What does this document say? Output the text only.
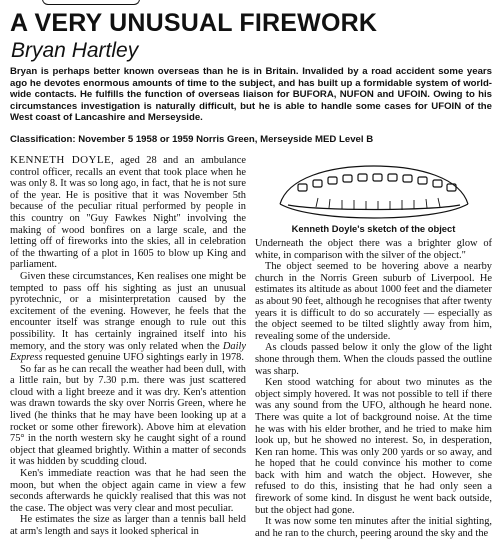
A VERY UNUSUAL FIREWORK
Bryan Hartley
Bryan is perhaps better known overseas than he is in Britain. Invalided by a road accident some years ago he devotes enormous amounts of time to the subject, and has built up a formidable system of world-wide contacts. He fulfills the function of overseas liaison for BUFORA, NUFON and UFOIN. Owing to his circumstances investigation is naturally difficult, but he is able to handle some cases for UFOIN of the West coast of Lancashire and Merseyside.
Classification: November 5 1958 or 1959 Norris Green, Merseyside MED Level B

KENNETH DOYLE, aged 28 and an ambulance control officer, recalls an event that took place when he was only 8. It was so long ago, in fact, that he is not sure of the year. He is positive that it was November 5th because of the peculiar ritual performed by people in this country on "Guy Fawkes Night" involving the making of wood bonfires on a large scale, and the letting off of fireworks into the skies, all in celebration of the thwarting of a plot in 1605 to blow up King and parliament.

Given these circumstances, Ken realises one might be tempted to pass off his sighting as just an unusual pyrotechnic, or a misinterpretation caused by the excitement of the evening. However, he feels that the encounter itself was strange enough to rule out this possibility. It has certainly ingrained itself into his memory, and the story was only related when the Daily Express requested genuine UFO sightings early in 1978.

So far as he can recall the weather had been dull, with a little rain, but by 7.30 p.m. there was just scattered cloud with a light breeze and it was dry. Ken's attention was drawn towards the sky over Norris Green, where he lived (he thinks that he may have been looking up at a rocket or some other firework). Above him at elevation 75° in the north western sky he caught sight of a round object that gleamed brightly. Within a matter of seconds it was hidden by scudding cloud.

Ken's immediate reaction was that he had seen the moon, but when the object again came in view a few seconds afterwards he quickly realised that this was not the case. The object was very clear and most peculiar.

He estimates the size as larger than a tennis ball held at arm's length and says it looked spherical in

Kenneth Doyle's sketch of the object

Underneath the object there was a brighter glow of white, in comparison with the silver of the object."

The object seemed to be hovering above a nearby church in the Norris Green suburb of Liverpool. He estimates its altitude as about 1000 feet and the diameter as about 90 feet, although he recognises that after twenty years it is difficult to do so accurately — especially as the object seemed to be tilted slightly away from him, revealing some of the underside.

As clouds passed below it only the glow of the light shone through them. When the clouds passed the outline was sharp.

Ken stood watching for about two minutes as the object simply hovered. It was not possible to tell if there was any sound from the UFO, although he heard none. There was quite a lot of background noise. At the time he was with his elder brother, and he tried to make him look up, but he showed no interest. So, in desperation, Ken ran home. This was only 200 yards or so away, and he hoped that he could convince his mother to come back with him and watch the object. However, she refused to do this, insisting that he had only seen a firework of some kind. In disgust he went back outside, but the object had gone.

It was now some ten minutes after the initial sighting, and he ran to the church, peering around the sky and the
